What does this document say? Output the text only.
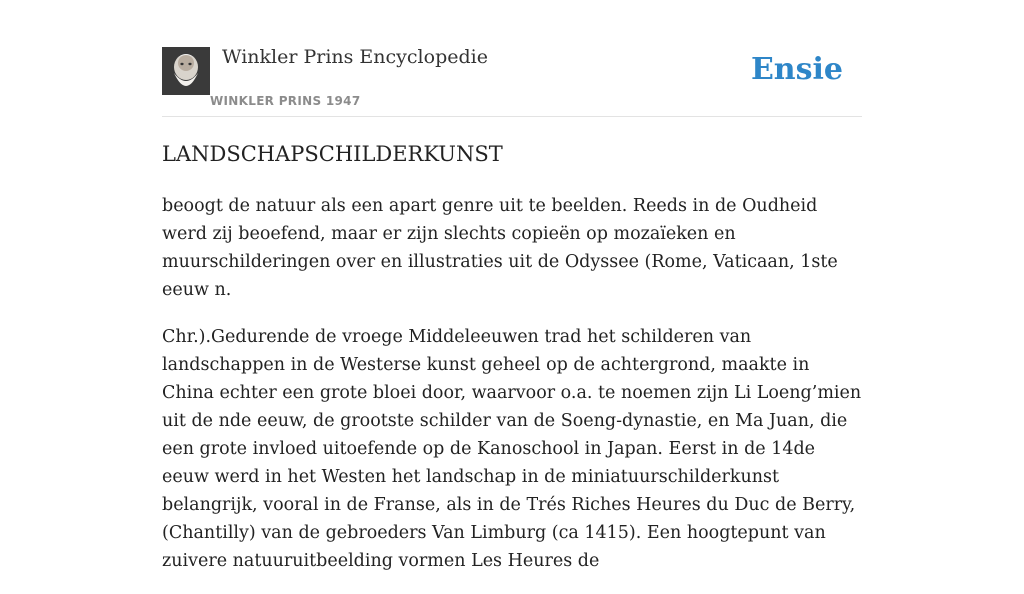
Winkler Prins Encyclopedie
WINKLER PRINS 1947
Ensie
LANDSCHAPSCHILDERKUNST

beoogt de natuur als een apart genre uit te beelden. Reeds in de Oudheid werd zij beoefend, maar er zijn slechts copieën op mozaïeken en muurschilderingen over en illustraties uit de Odyssee (Rome, Vaticaan, 1ste eeuw n.

Chr.).Gedurende de vroege Middeleeuwen trad het schilderen van landschappen in de Westerse kunst geheel op de achtergrond, maakte in China echter een grote bloei door, waarvoor o.a. te noemen zijn Li Loeng’mien uit de nde eeuw, de grootste schilder van de Soeng-dynastie, en Ma Juan, die een grote invloed uitoefende op de Kanoschool in Japan. Eerst in de 14de eeuw werd in het Westen het landschap in de miniatuurschilderkunst belangrijk, vooral in de Franse, als in de Trés Riches Heures du Duc de Berry, (Chantilly) van de gebroeders Van Limburg (ca 1415). Een hoogtepunt van zuivere natuuruitbeelding vormen Les Heures de
